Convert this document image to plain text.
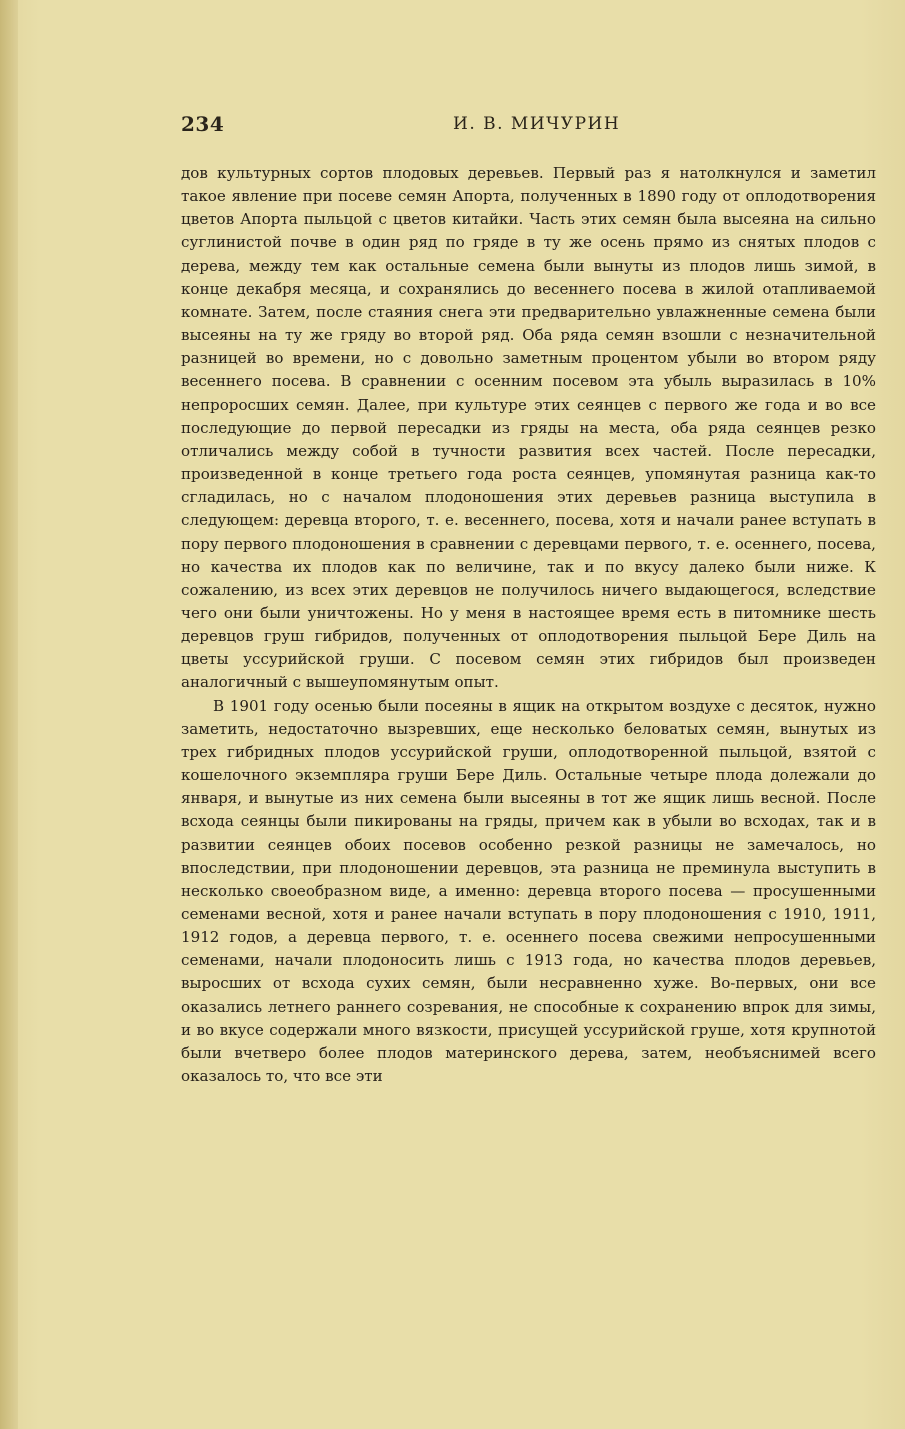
234	И. В. МИЧУРИН

дов культурных сортов плодовых деревьев. Первый раз я натолкнулся и заметил такое явление при посеве семян Апорта, полученных в 1890 году от оплодотворения цветов Апорта пыльцой с цветов китайки. Часть этих семян была высеяна на сильно суглинистой почве в один ряд по гряде в ту же осень прямо из снятых плодов с дерева, между тем как остальные семена были вынуты из плодов лишь зимой, в конце декабря месяца, и сохранялись до весеннего посева в жилой отапливаемой комнате. Затем, после стаяния снега эти предварительно увлажненные семена были высеяны на ту же гряду во второй ряд. Оба ряда семян взошли с незначительной разницей во времени, но с довольно заметным процентом убыли во втором ряду весеннего посева. В сравнении с осенним посевом эта убыль выразилась в 10% непроросших семян. Далее, при культуре этих сеянцев с первого же года и во все последующие до первой пересадки из гряды на места, оба ряда сеянцев резко отличались между собой в тучности развития всех частей. После пересадки, произведенной в конце третьего года роста сеянцев, упомянутая разница как-то сгладилась, но с началом плодоношения этих деревьев разница выступила в следующем: деревца второго, т. е. весеннего, посева, хотя и начали ранее вступать в пору первого плодоношения в сравнении с деревцами первого, т. е. осеннего, посева, но качества их плодов как по величине, так и по вкусу далеко были ниже. К сожалению, из всех этих деревцов не получилось ничего выдающегося, вследствие чего они были уничтожены. Но у меня в настоящее время есть в питомнике шесть деревцов груш гибридов, полученных от оплодотворения пыльцой Бере Диль на цветы уссурийской груши. С посевом семян этих гибридов был произведен аналогичный с вышеупомянутым опыт.

В 1901 году осенью были посеяны в ящик на открытом воздухе с десяток, нужно заметить, недостаточно вызревших, еще несколько беловатых семян, вынутых из трех гибридных плодов уссурийской груши, оплодотворенной пыльцой, взятой с кошелочного экземпляра груши Бере Диль. Остальные четыре плода долежали до января, и вынутые из них семена были высеяны в тот же ящик лишь весной. После всхода сеянцы были пикированы на гряды, причем как в убыли во всходах, так и в развитии сеянцев обоих посевов особенно резкой разницы не замечалось, но впоследствии, при плодоношении деревцов, эта разница не преминула выступить в несколько своеобразном виде, а именно: деревца второго посева — просушенными семенами весной, хотя и ранее начали вступать в пору плодоношения с 1910, 1911, 1912 годов, а деревца первого, т. е. осеннего посева свежими непросушенными семенами, начали плодоносить лишь с 1913 года, но качества плодов деревьев, выросших от всхода сухих семян, были несравненно хуже. Во-первых, они все оказались летнего раннего созревания, не способные к сохранению впрок для зимы, и во вкусе содержали много вязкости, присущей уссурийской груше, хотя крупнотой были вчетверо более плодов материнского дерева, затем, необъяснимей всего оказалось то, что все эти
